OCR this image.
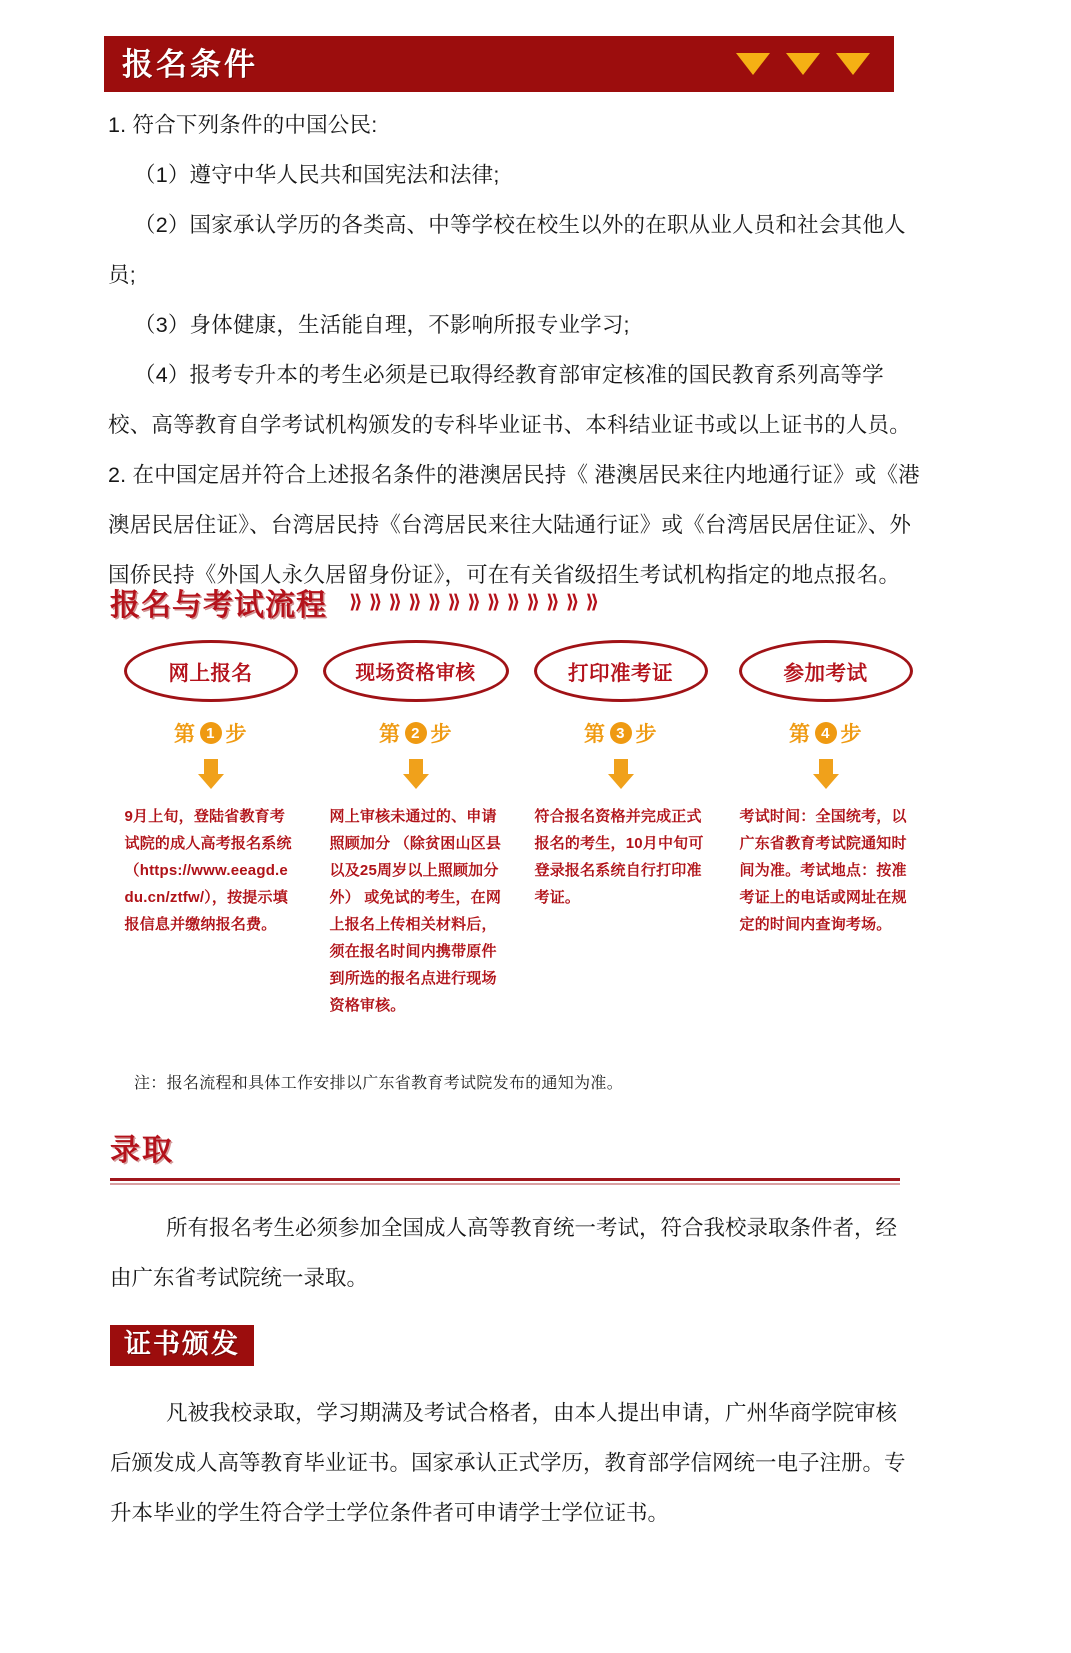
报名条件

1. 符合下列条件的中国公民:

（1）遵守中华人民共和国宪法和法律;

（2）国家承认学历的各类高、中等学校在校生以外的在职从业人员和社会其他人员;

（3）身体健康，生活能自理，不影响所报专业学习;

（4）报考专升本的考生必须是已取得经教育部审定核准的国民教育系列高等学校、高等教育自学考试机构颁发的专科毕业证书、本科结业证书或以上证书的人员。

2. 在中国定居并符合上述报名条件的港澳居民持《 港澳居民来往内地通行证》或《港澳居民居住证》、台湾居民持《台湾居民来往大陆通行证》或《台湾居民居住证》、外国侨民持《外国人永久居留身份证》，可在有关省级招生考试机构指定的地点报名。

报名与考试流程 ⟫ ⟫ ⟫ ⟫ ⟫ ⟫ ⟫ ⟫ ⟫ ⟫ ⟫ ⟫ ⟫
网上报名
第 1 步
9月上旬，登陆省教育考试院的成人高考报名系统（https://www.eeagd.edu.cn/ztfw/），按提示填报信息并缴纳报名费。
现场资格审核
第 2 步
网上审核未通过的、申请照顾加分 （除贫困山区县以及25周岁以上照顾加分外） 或免试的考生，在网上报名上传相关材料后，须在报名时间内携带原件到所选的报名点进行现场资格审核。
打印准考证
第 3 步
符合报名资格并完成正式报名的考生，10月中旬可登录报名系统自行打印准考证。
参加考试
第 4 步
考试时间：全国统考，以广东省教育考试院通知时间为准。考试地点：按准考证上的电话或网址在规定的时间内查询考场。
注：报名流程和具体工作安排以广东省教育考试院发布的通知为准。
录取
所有报名考生必须参加全国成人高等教育统一考试，符合我校录取条件者，经由广东省考试院统一录取。
证书颁发
凡被我校录取，学习期满及考试合格者，由本人提出申请，广州华商学院审核后颁发成人高等教育毕业证书。国家承认正式学历，教育部学信网统一电子注册。专升本毕业的学生符合学士学位条件者可申请学士学位证书。
